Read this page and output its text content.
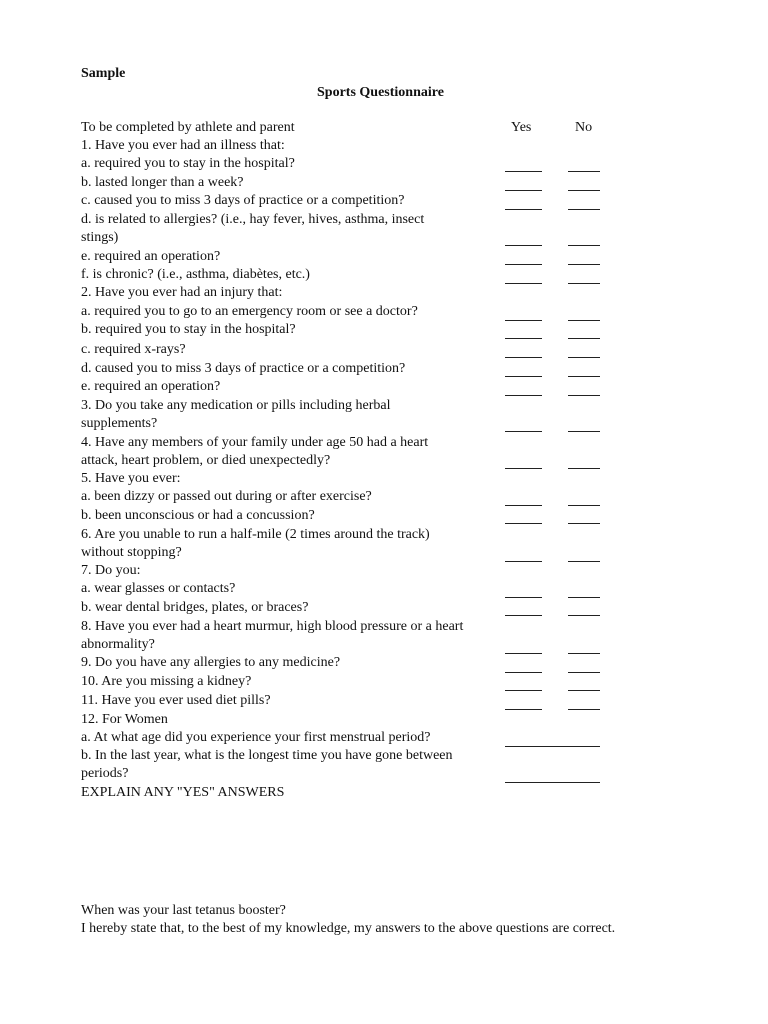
Sample
Sports Questionnaire
To be completed by athlete and parent	Yes	No
1. Have you ever had an illness that:
a. required you to stay in the hospital?
b. lasted longer than a week?
c. caused you to miss 3 days of practice or a competition?
d. is related to allergies? (i.e., hay fever, hives, asthma, insect
stings)
e. required an operation?
f. is chronic? (i.e., asthma, diabètes, etc.)
2. Have you ever had an injury that:
a. required you to go to an emergency room or see a doctor?
b. required you to stay in the hospital?
c. required x-rays?
d. caused you to miss 3 days of practice or a competition?
e. required an operation?
3. Do you take any medication or pills including herbal
supplements?
4. Have any members of your family under age 50 had a heart
attack, heart problem, or died unexpectedly?
5. Have you ever:
a. been dizzy or passed out during or after exercise?
b. been unconscious or had a concussion?
6. Are you unable to run a half-mile (2 times around the track)
without stopping?
7. Do you:
a. wear glasses or contacts?
b. wear dental bridges, plates, or braces?
8. Have you ever had a heart murmur, high blood pressure or a heart
abnormality?
9. Do you have any allergies to any medicine?
10. Are you missing a kidney?
11. Have you ever used diet pills?
12. For Women
a. At what age did you experience your first menstrual period?
b. In the last year, what is the longest time you have gone between
periods?
EXPLAIN ANY "YES" ANSWERS
When was your last tetanus booster?
I hereby state that, to the best of my knowledge, my answers to the above questions are correct.
